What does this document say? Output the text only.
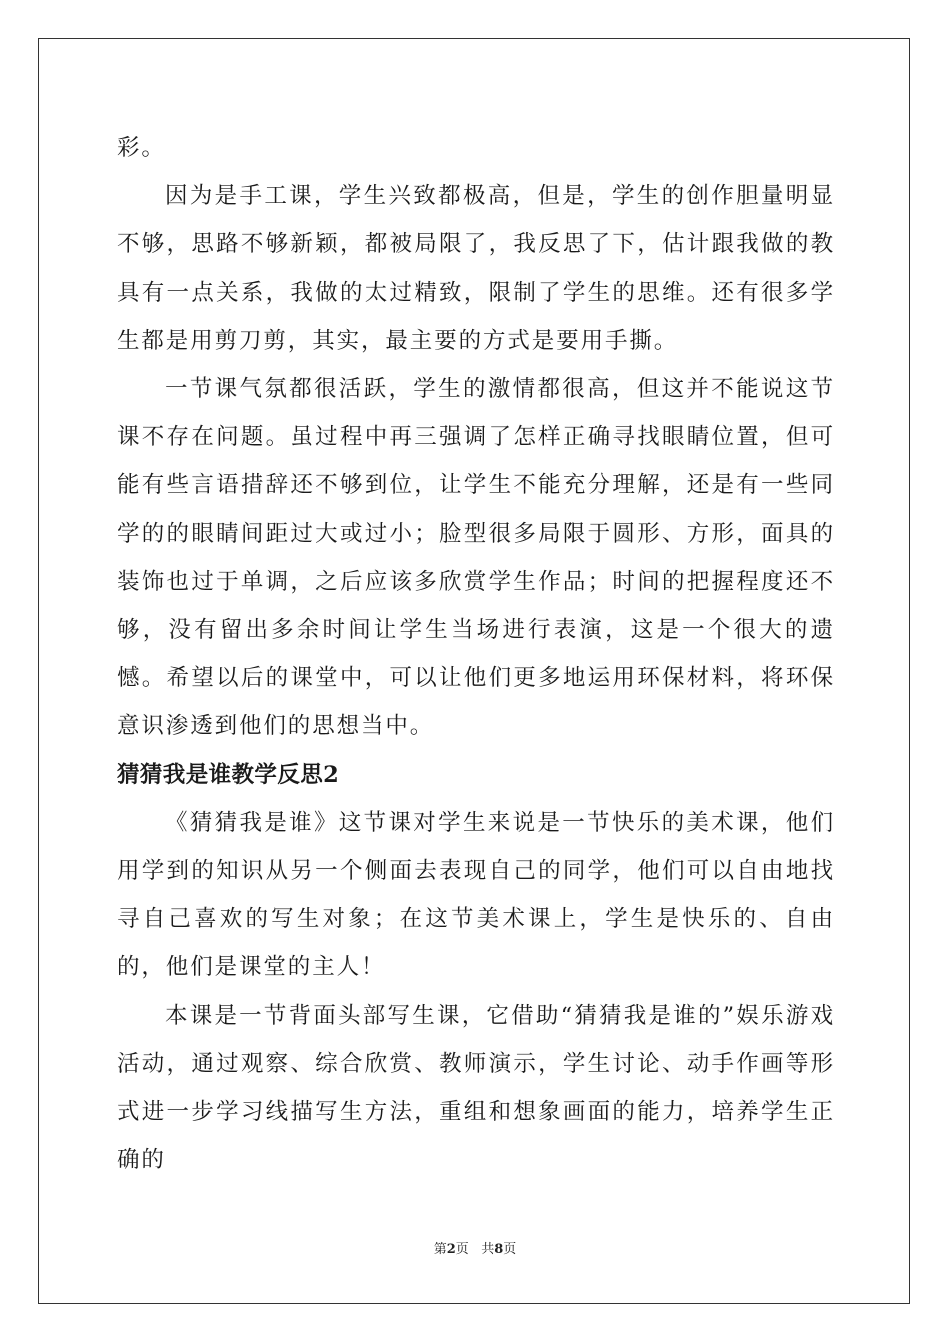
彩。

因为是手工课，学生兴致都极高，但是，学生的创作胆量明显不够，思路不够新颖，都被局限了，我反思了下，估计跟我做的教具有一点关系，我做的太过精致，限制了学生的思维。还有很多学生都是用剪刀剪，其实，最主要的方式是要用手撕。

一节课气氛都很活跃，学生的激情都很高，但这并不能说这节课不存在问题。虽过程中再三强调了怎样正确寻找眼睛位置，但可能有些言语措辞还不够到位，让学生不能充分理解，还是有一些同学的的眼睛间距过大或过小；脸型很多局限于圆形、方形，面具的装饰也过于单调，之后应该多欣赏学生作品；时间的把握程度还不够，没有留出多余时间让学生当场进行表演，这是一个很大的遗憾。希望以后的课堂中，可以让他们更多地运用环保材料，将环保意识渗透到他们的思想当中。

猜猜我是谁教学反思2

《猜猜我是谁》这节课对学生来说是一节快乐的美术课，他们用学到的知识从另一个侧面去表现自己的同学，他们可以自由地找寻自己喜欢的写生对象；在这节美术课上，学生是快乐的、自由的，他们是课堂的主人！

本课是一节背面头部写生课，它借助“猜猜我是谁的”娱乐游戏活动，通过观察、综合欣赏、教师演示，学生讨论、动手作画等形式进一步学习线描写生方法，重组和想象画面的能力，培养学生正确的

第2页 共8页
